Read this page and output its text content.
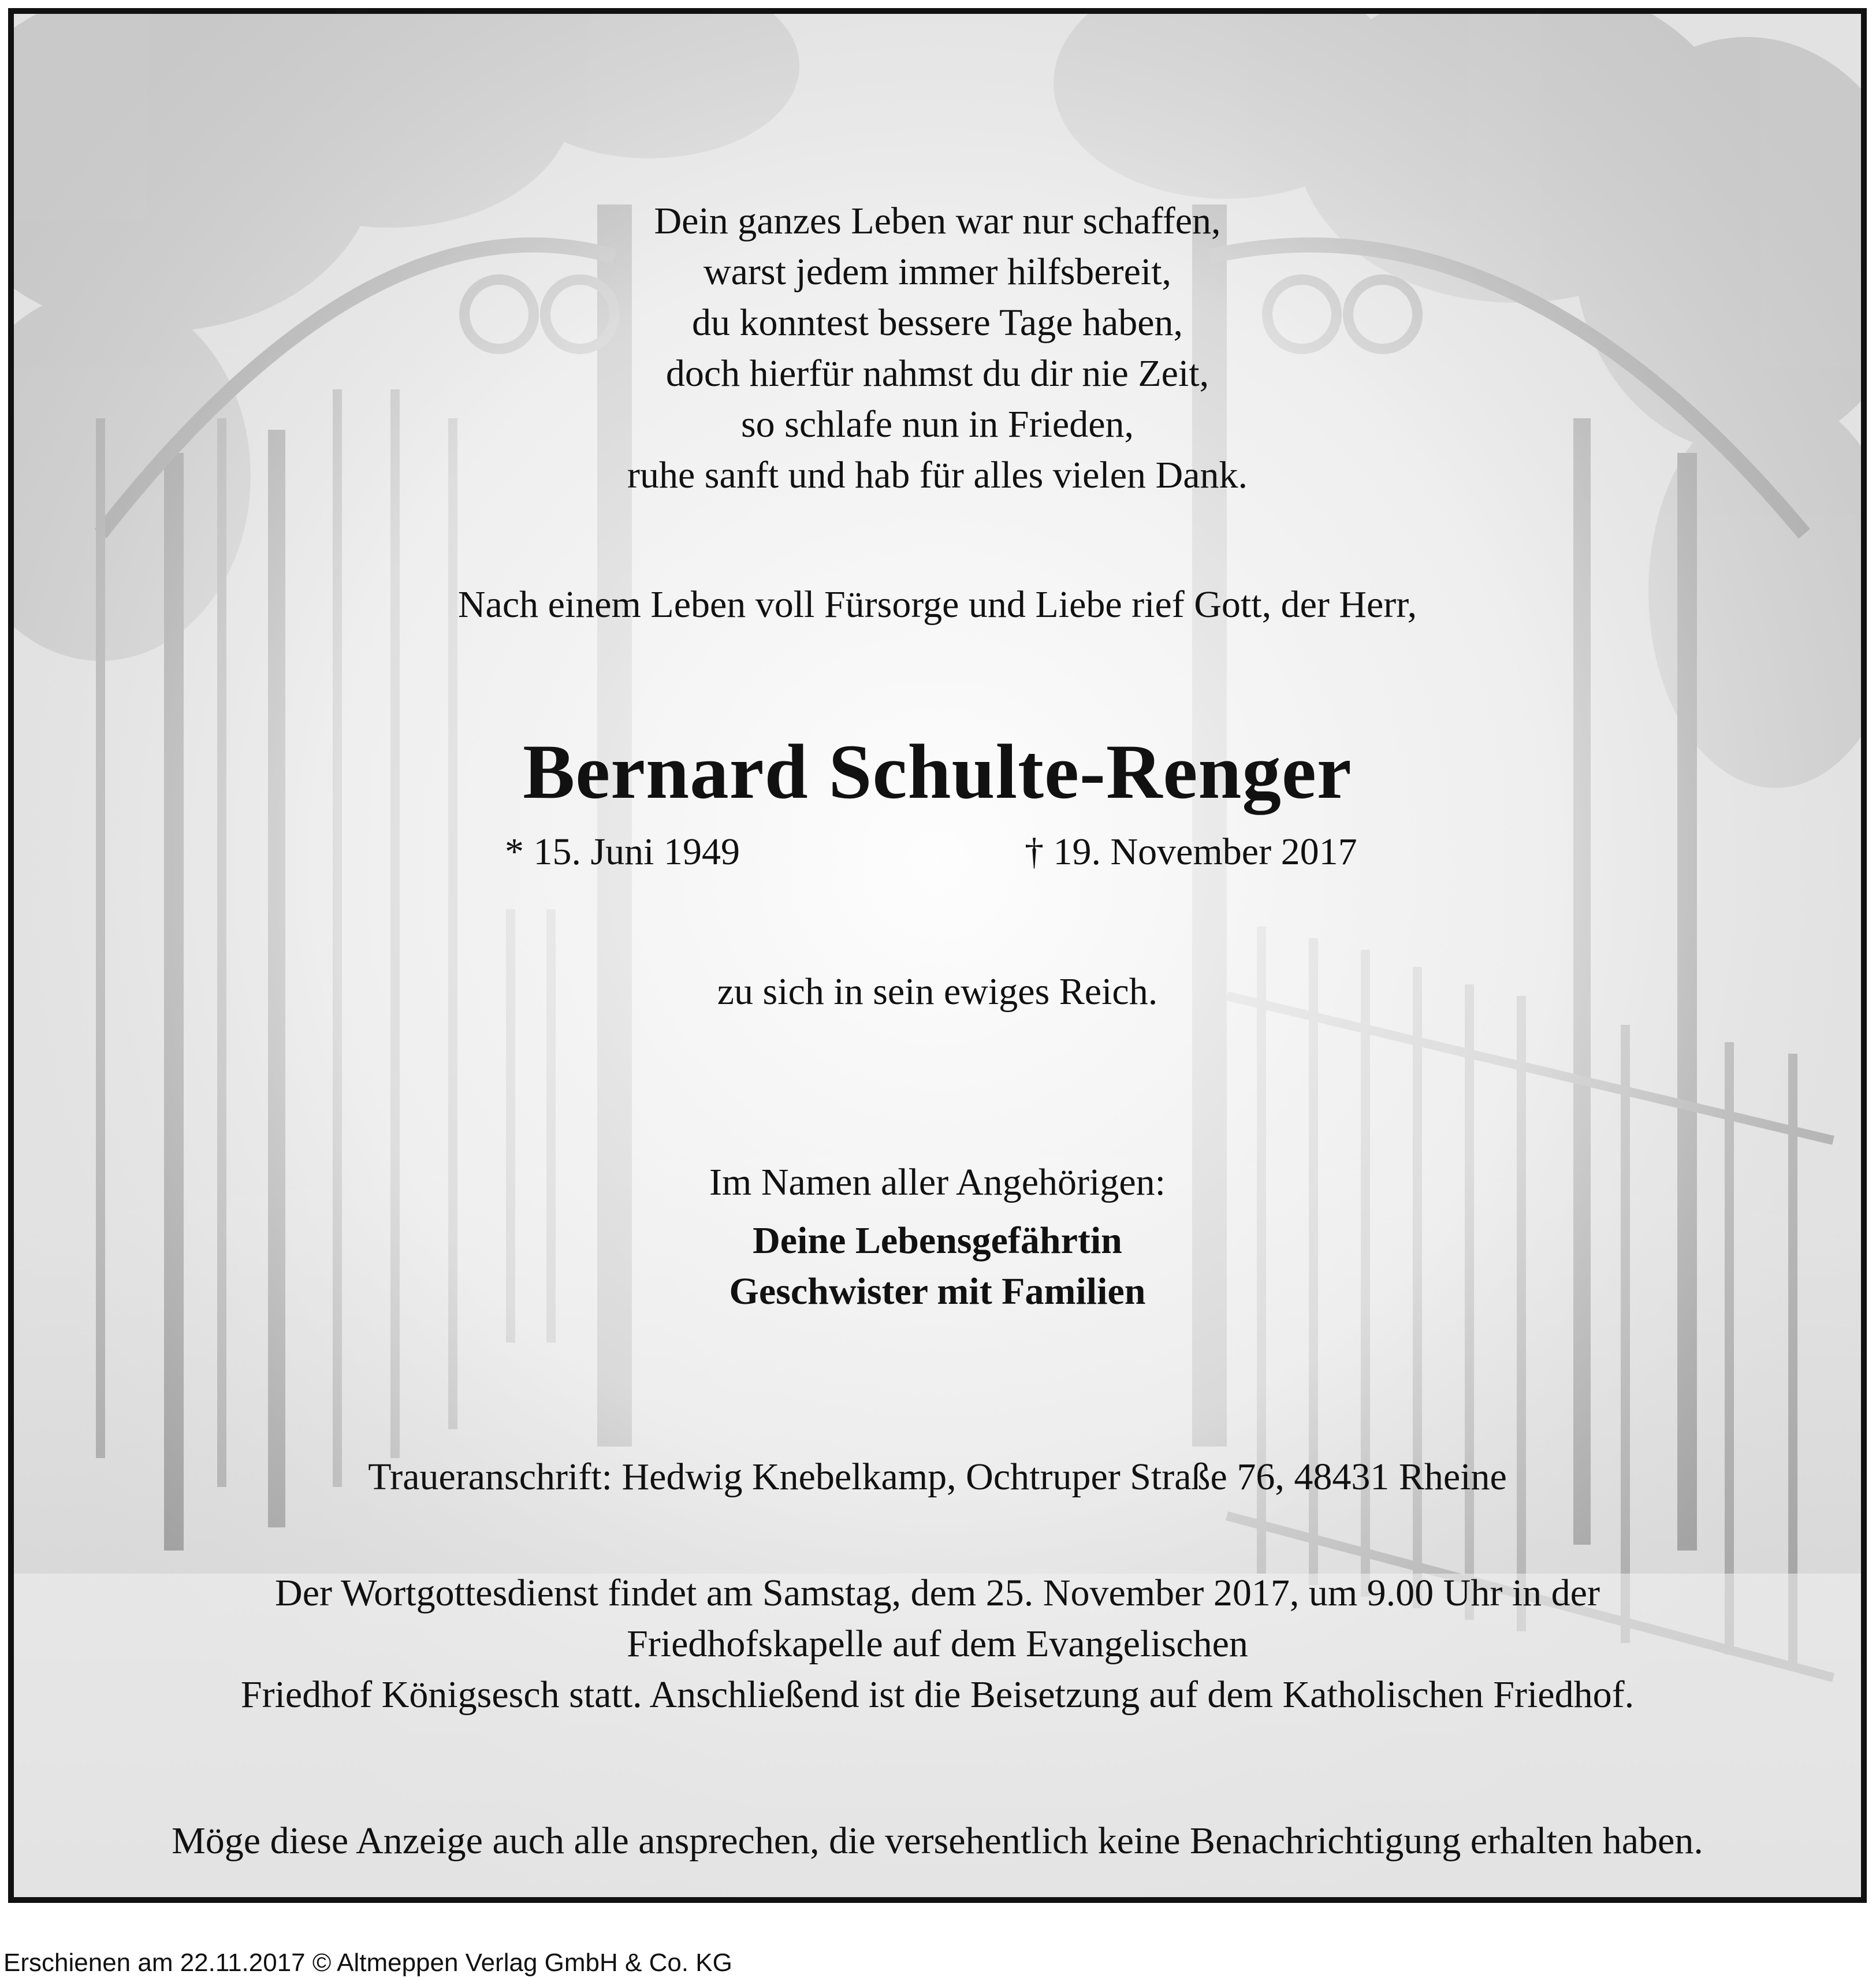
Dein ganzes Leben war nur schaffen,
warst jedem immer hilfsbereit,
du konntest bessere Tage haben,
doch hierfür nahmst du dir nie Zeit,
so schlafe nun in Frieden,
ruhe sanft und hab für alles vielen Dank.
Nach einem Leben voll Fürsorge und Liebe rief Gott, der Herr,
Bernard Schulte-Renger
* 15. Juni 1949	† 19. November 2017
zu sich in sein ewiges Reich.
Im Namen aller Angehörigen:
Deine Lebensgefährtin
Geschwister mit Familien
Traueranschrift: Hedwig Knebelkamp, Ochtruper Straße 76, 48431 Rheine
Der Wortgottesdienst findet am Samstag, dem 25. November 2017, um 9.00 Uhr in der
Friedhofskapelle auf dem Evangelischen
Friedhof Königsesch statt. Anschließend ist die Beisetzung auf dem Katholischen Friedhof.
Möge diese Anzeige auch alle ansprechen, die versehentlich keine Benachrichtigung erhalten haben.
Erschienen am 22.11.2017 © Altmeppen Verlag GmbH & Co. KG
